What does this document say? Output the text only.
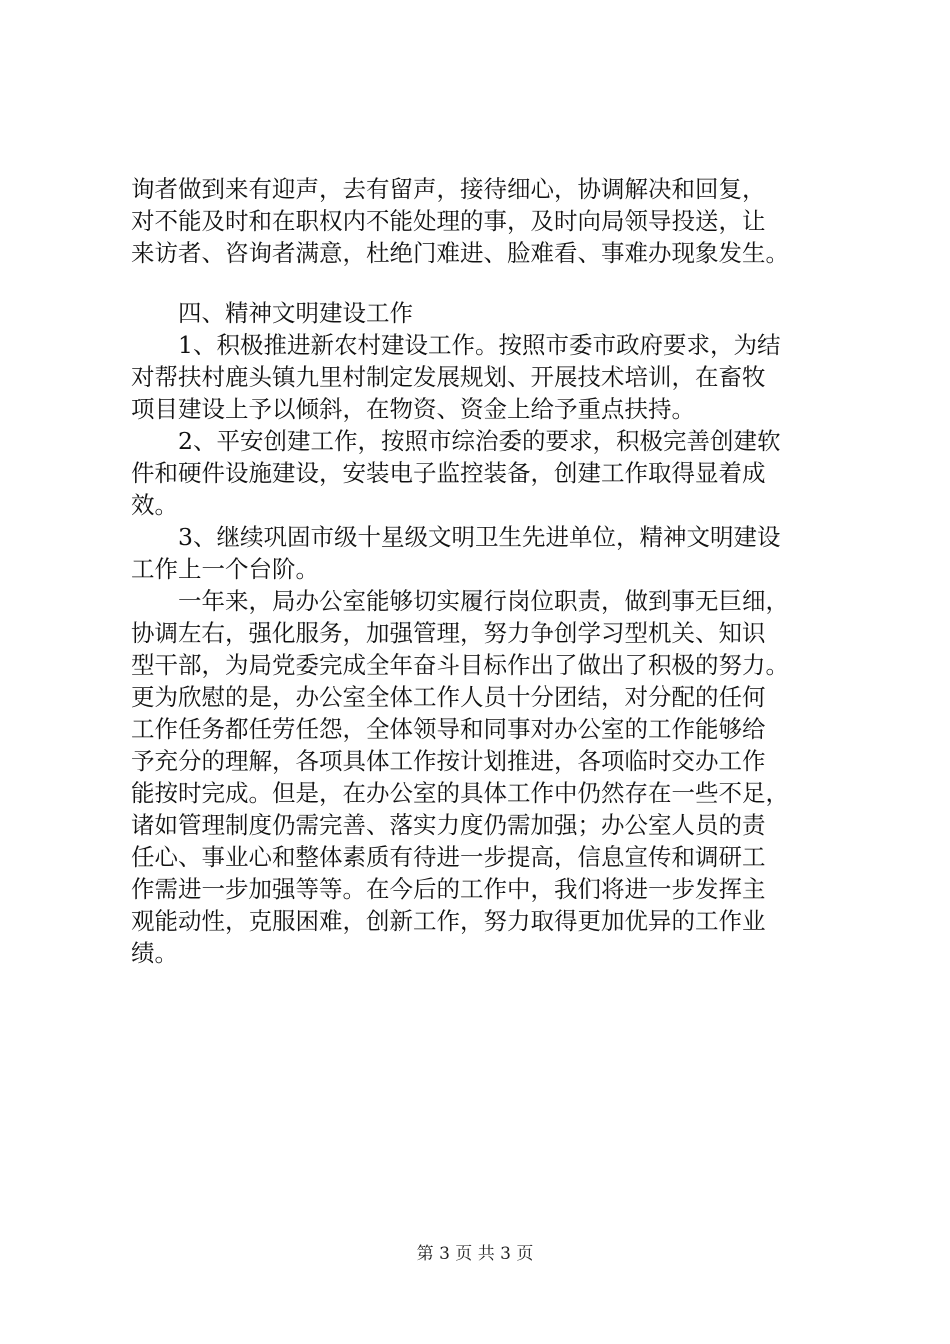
询者做到来有迎声，去有留声，接待细心，协调解决和回复，
对不能及时和在职权内不能处理的事，及时向局领导投送，让
来访者、咨询者满意，杜绝门难进、脸难看、事难办现象发生。
四、精神文明建设工作
1、积极推进新农村建设工作。按照市委市政府要求，为结
对帮扶村鹿头镇九里村制定发展规划、开展技术培训，在畜牧
项目建设上予以倾斜，在物资、资金上给予重点扶持。
2、平安创建工作，按照市综治委的要求，积极完善创建软
件和硬件设施建设，安装电子监控装备，创建工作取得显着成
效。
3、继续巩固市级十星级文明卫生先进单位，精神文明建设
工作上一个台阶。
一年来，局办公室能够切实履行岗位职责，做到事无巨细，
协调左右，强化服务，加强管理，努力争创学习型机关、知识
型干部，为局党委完成全年奋斗目标作出了做出了积极的努力。
更为欣慰的是，办公室全体工作人员十分团结，对分配的任何
工作任务都任劳任怨，全体领导和同事对办公室的工作能够给
予充分的理解，各项具体工作按计划推进，各项临时交办工作
能按时完成。但是，在办公室的具体工作中仍然存在一些不足，
诸如管理制度仍需完善、落实力度仍需加强；办公室人员的责
任心、事业心和整体素质有待进一步提高，信息宣传和调研工
作需进一步加强等等。在今后的工作中，我们将进一步发挥主
观能动性，克服困难，创新工作，努力取得更加优异的工作业
绩。
第 3 页 共 3 页
